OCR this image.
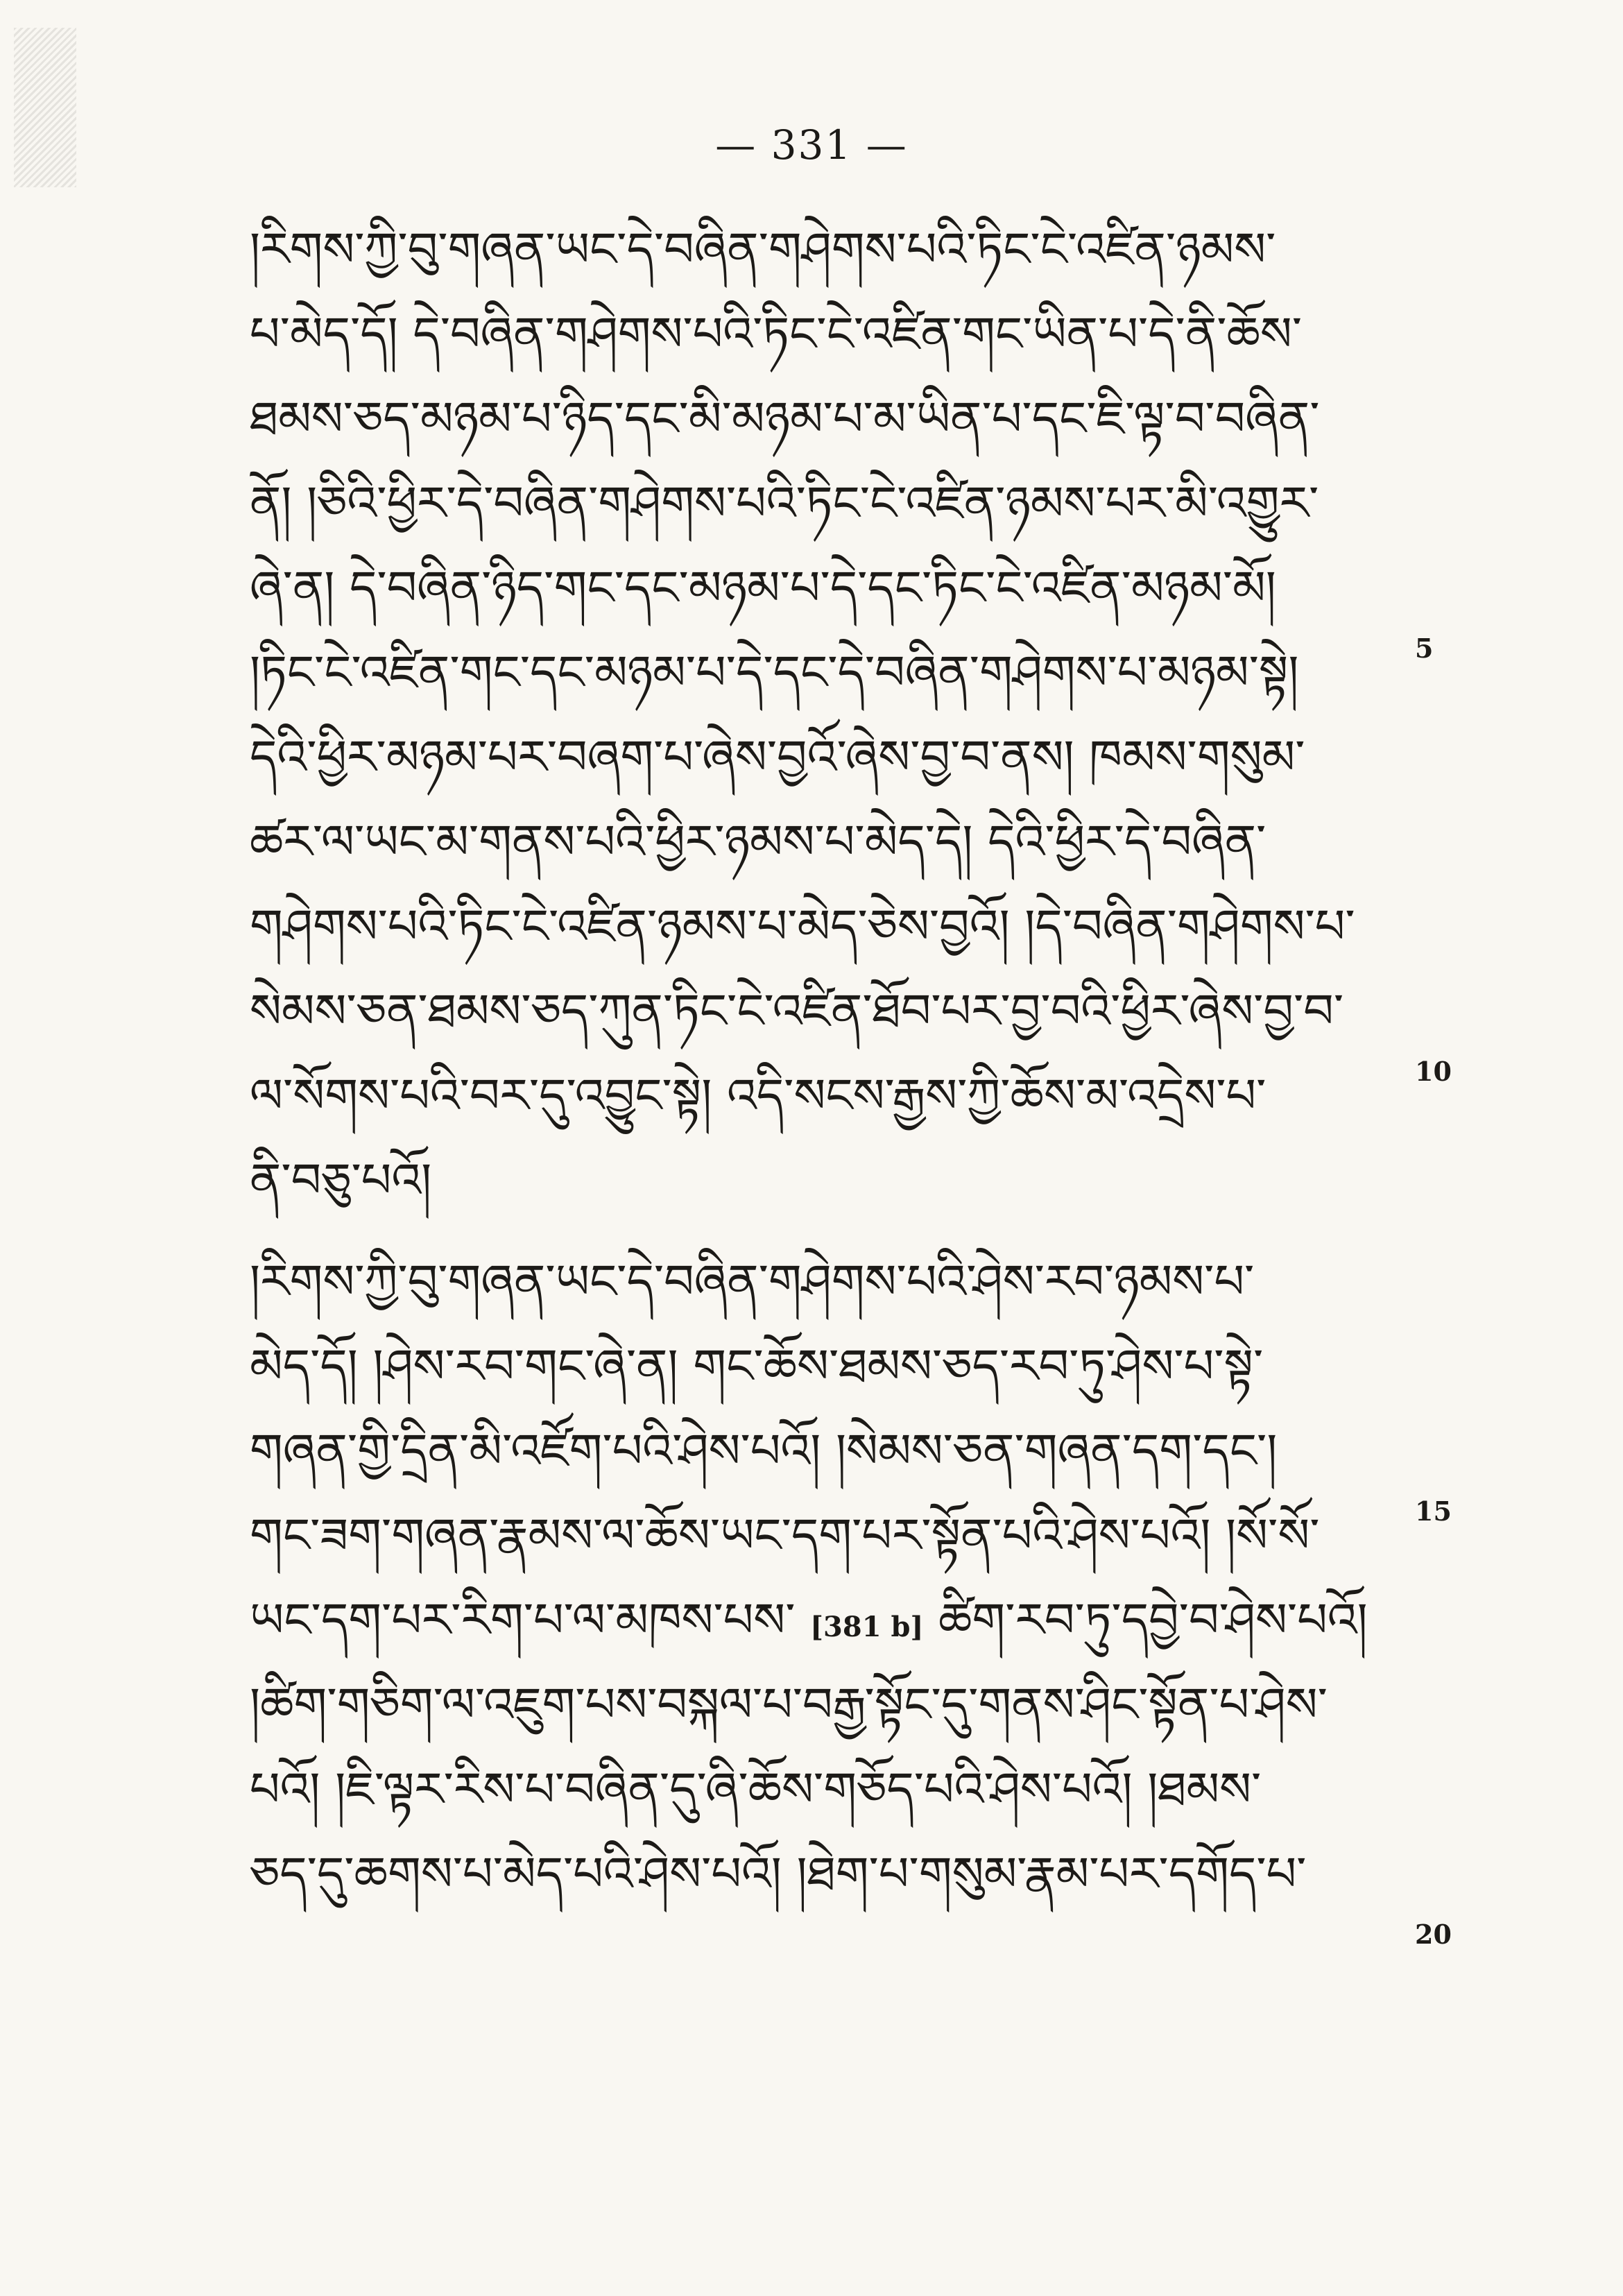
— 331 —
།རིགས་ཀྱི་བུ་གཞན་ཡང་དེ་བཞིན་གཤེགས་པའི་ཏིང་ངེ་འཛིན་ཉམས་
པ་མེད་དོ། དེ་བཞིན་གཤེགས་པའི་ཏིང་ངེ་འཛིན་གང་ཡིན་པ་དེ་ནི་ཆོས་
ཐམས་ཅད་མཉམ་པ་ཉིད་དང་མི་མཉམ་པ་མ་ཡིན་པ་དང་ཇི་ལྟ་བ་བཞིན་
ནོ། །ཅིའི་ཕྱིར་དེ་བཞིན་གཤེགས་པའི་ཏིང་ངེ་འཛིན་ཉམས་པར་མི་འགྱུར་
ཞེ་ན། དེ་བཞིན་ཉིད་གང་དང་མཉམ་པ་དེ་དང་ཏིང་ངེ་འཛིན་མཉམ་མོ།
།ཏིང་ངེ་འཛིན་གང་དང་མཉམ་པ་དེ་དང་དེ་བཞིན་གཤེགས་པ་མཉམ་སྟེ།
དེའི་ཕྱིར་མཉམ་པར་བཞག་པ་ཞེས་བྱའོ་ཞེས་བྱ་བ་ནས། ཁམས་གསུམ་
ཚར་ལ་ཡང་མ་གནས་པའི་ཕྱིར་ཉམས་པ་མེད་དེ། དེའི་ཕྱིར་དེ་བཞིན་
གཤེགས་པའི་ཏིང་ངེ་འཛིན་ཉམས་པ་མེད་ཅེས་བྱའོ། །དེ་བཞིན་གཤེགས་པ་
སེམས་ཅན་ཐམས་ཅད་ཀུན་ཏིང་ངེ་འཛིན་ཐོབ་པར་བྱ་བའི་ཕྱིར་ཞེས་བྱ་བ་
ལ་སོགས་པའི་བར་དུ་འབྱུང་སྟེ། འདི་སངས་རྒྱས་ཀྱི་ཆོས་མ་འདྲེས་པ་
ནི་བཅུ་པའོ།
།རིགས་ཀྱི་བུ་གཞན་ཡང་དེ་བཞིན་གཤེགས་པའི་ཤེས་རབ་ཉམས་པ་
མེད་དོ། །ཤེས་རབ་གང་ཞེ་ན། གང་ཆོས་ཐམས་ཅད་རབ་ཏུ་ཤེས་པ་སྟེ་
གཞན་གྱི་དྲིན་མི་འཛོག་པའི་ཤེས་པའོ། །སེམས་ཅན་གཞན་དག་དང་།
གང་ཟག་གཞན་རྣམས་ལ་ཆོས་ཡང་དག་པར་སྟོན་པའི་ཤེས་པའོ། །སོ་སོ་
ཡང་དག་པར་རིག་པ་ལ་མཁས་པས་ [381 b] ཚིག་རབ་ཏུ་དབྱེ་བ་ཤེས་པའོ།
།ཚིག་གཅིག་ལ་འཇུག་པས་བསྐལ་པ་བརྒྱ་སྟོང་དུ་གནས་ཤིང་སྟོན་པ་ཤེས་
པའོ། །ཇི་ལྟར་རིས་པ་བཞིན་དུ་ཞི་ཆོས་གཅོད་པའི་ཤེས་པའོ། །ཐམས་
ཅད་དུ་ཆགས་པ་མེད་པའི་ཤེས་པའོ། །ཐེག་པ་གསུམ་རྣམ་པར་དགོད་པ་
5
10
15
20
